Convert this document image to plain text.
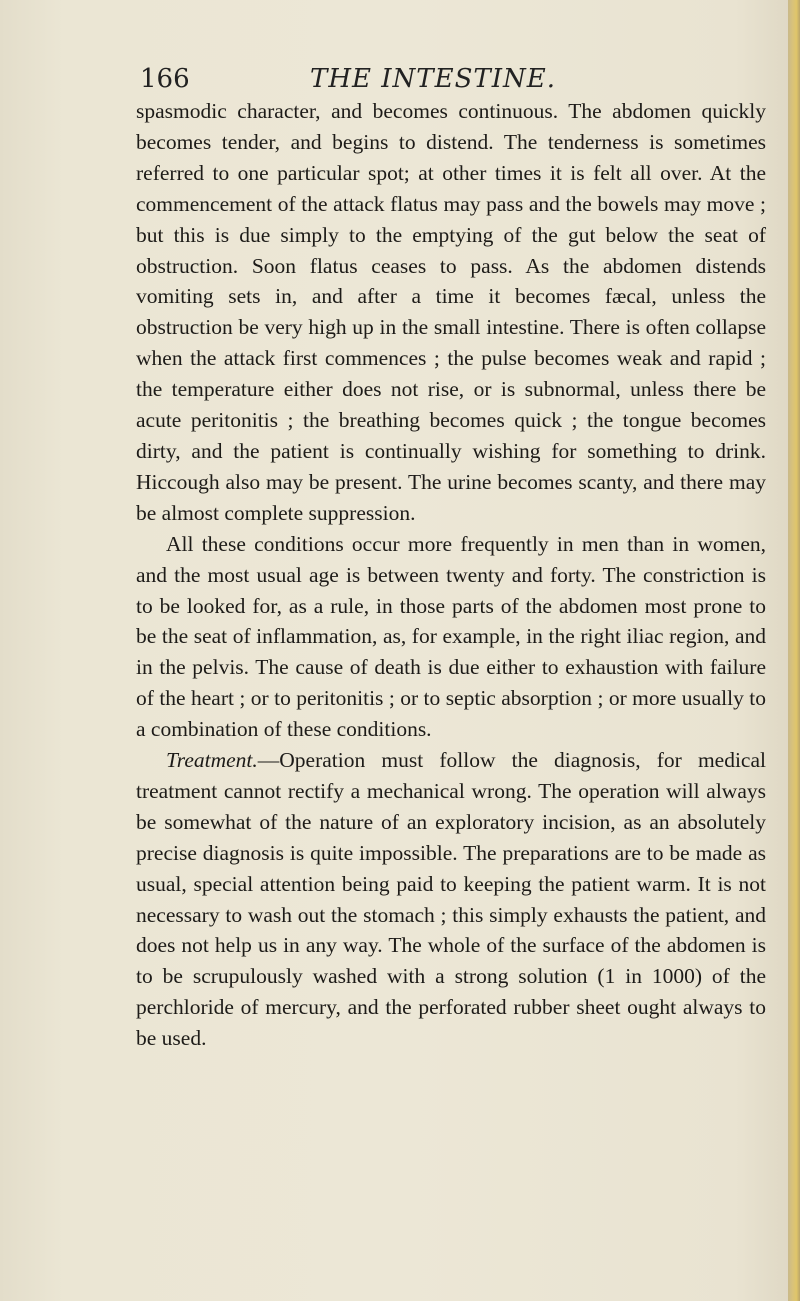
166	THE INTESTINE.

spasmodic character, and becomes continuous. The abdomen quickly becomes tender, and begins to distend. The tenderness is sometimes referred to one particular spot; at other times it is felt all over. At the commencement of the attack flatus may pass and the bowels may move ; but this is due simply to the emptying of the gut below the seat of obstruction. Soon flatus ceases to pass. As the abdomen distends vomiting sets in, and after a time it becomes fæcal, unless the obstruction be very high up in the small intestine. There is often collapse when the attack first commences ; the pulse becomes weak and rapid ; the temperature either does not rise, or is subnormal, unless there be acute peritonitis ; the breathing becomes quick ; the tongue becomes dirty, and the patient is continually wishing for something to drink. Hiccough also may be present. The urine becomes scanty, and there may be almost complete suppression.

All these conditions occur more frequently in men than in women, and the most usual age is between twenty and forty. The constriction is to be looked for, as a rule, in those parts of the abdomen most prone to be the seat of inflammation, as, for example, in the right iliac region, and in the pelvis. The cause of death is due either to exhaustion with failure of the heart ; or to peritonitis ; or to septic absorption ; or more usually to a combination of these conditions.

Treatment.—Operation must follow the diagnosis, for medical treatment cannot rectify a mechanical wrong. The operation will always be somewhat of the nature of an exploratory incision, as an absolutely precise diagnosis is quite impossible. The preparations are to be made as usual, special attention being paid to keeping the patient warm. It is not necessary to wash out the stomach ; this simply exhausts the patient, and does not help us in any way. The whole of the surface of the abdomen is to be scrupulously washed with a strong solution (1 in 1000) of the perchloride of mercury, and the perforated rubber sheet ought always to be used.
